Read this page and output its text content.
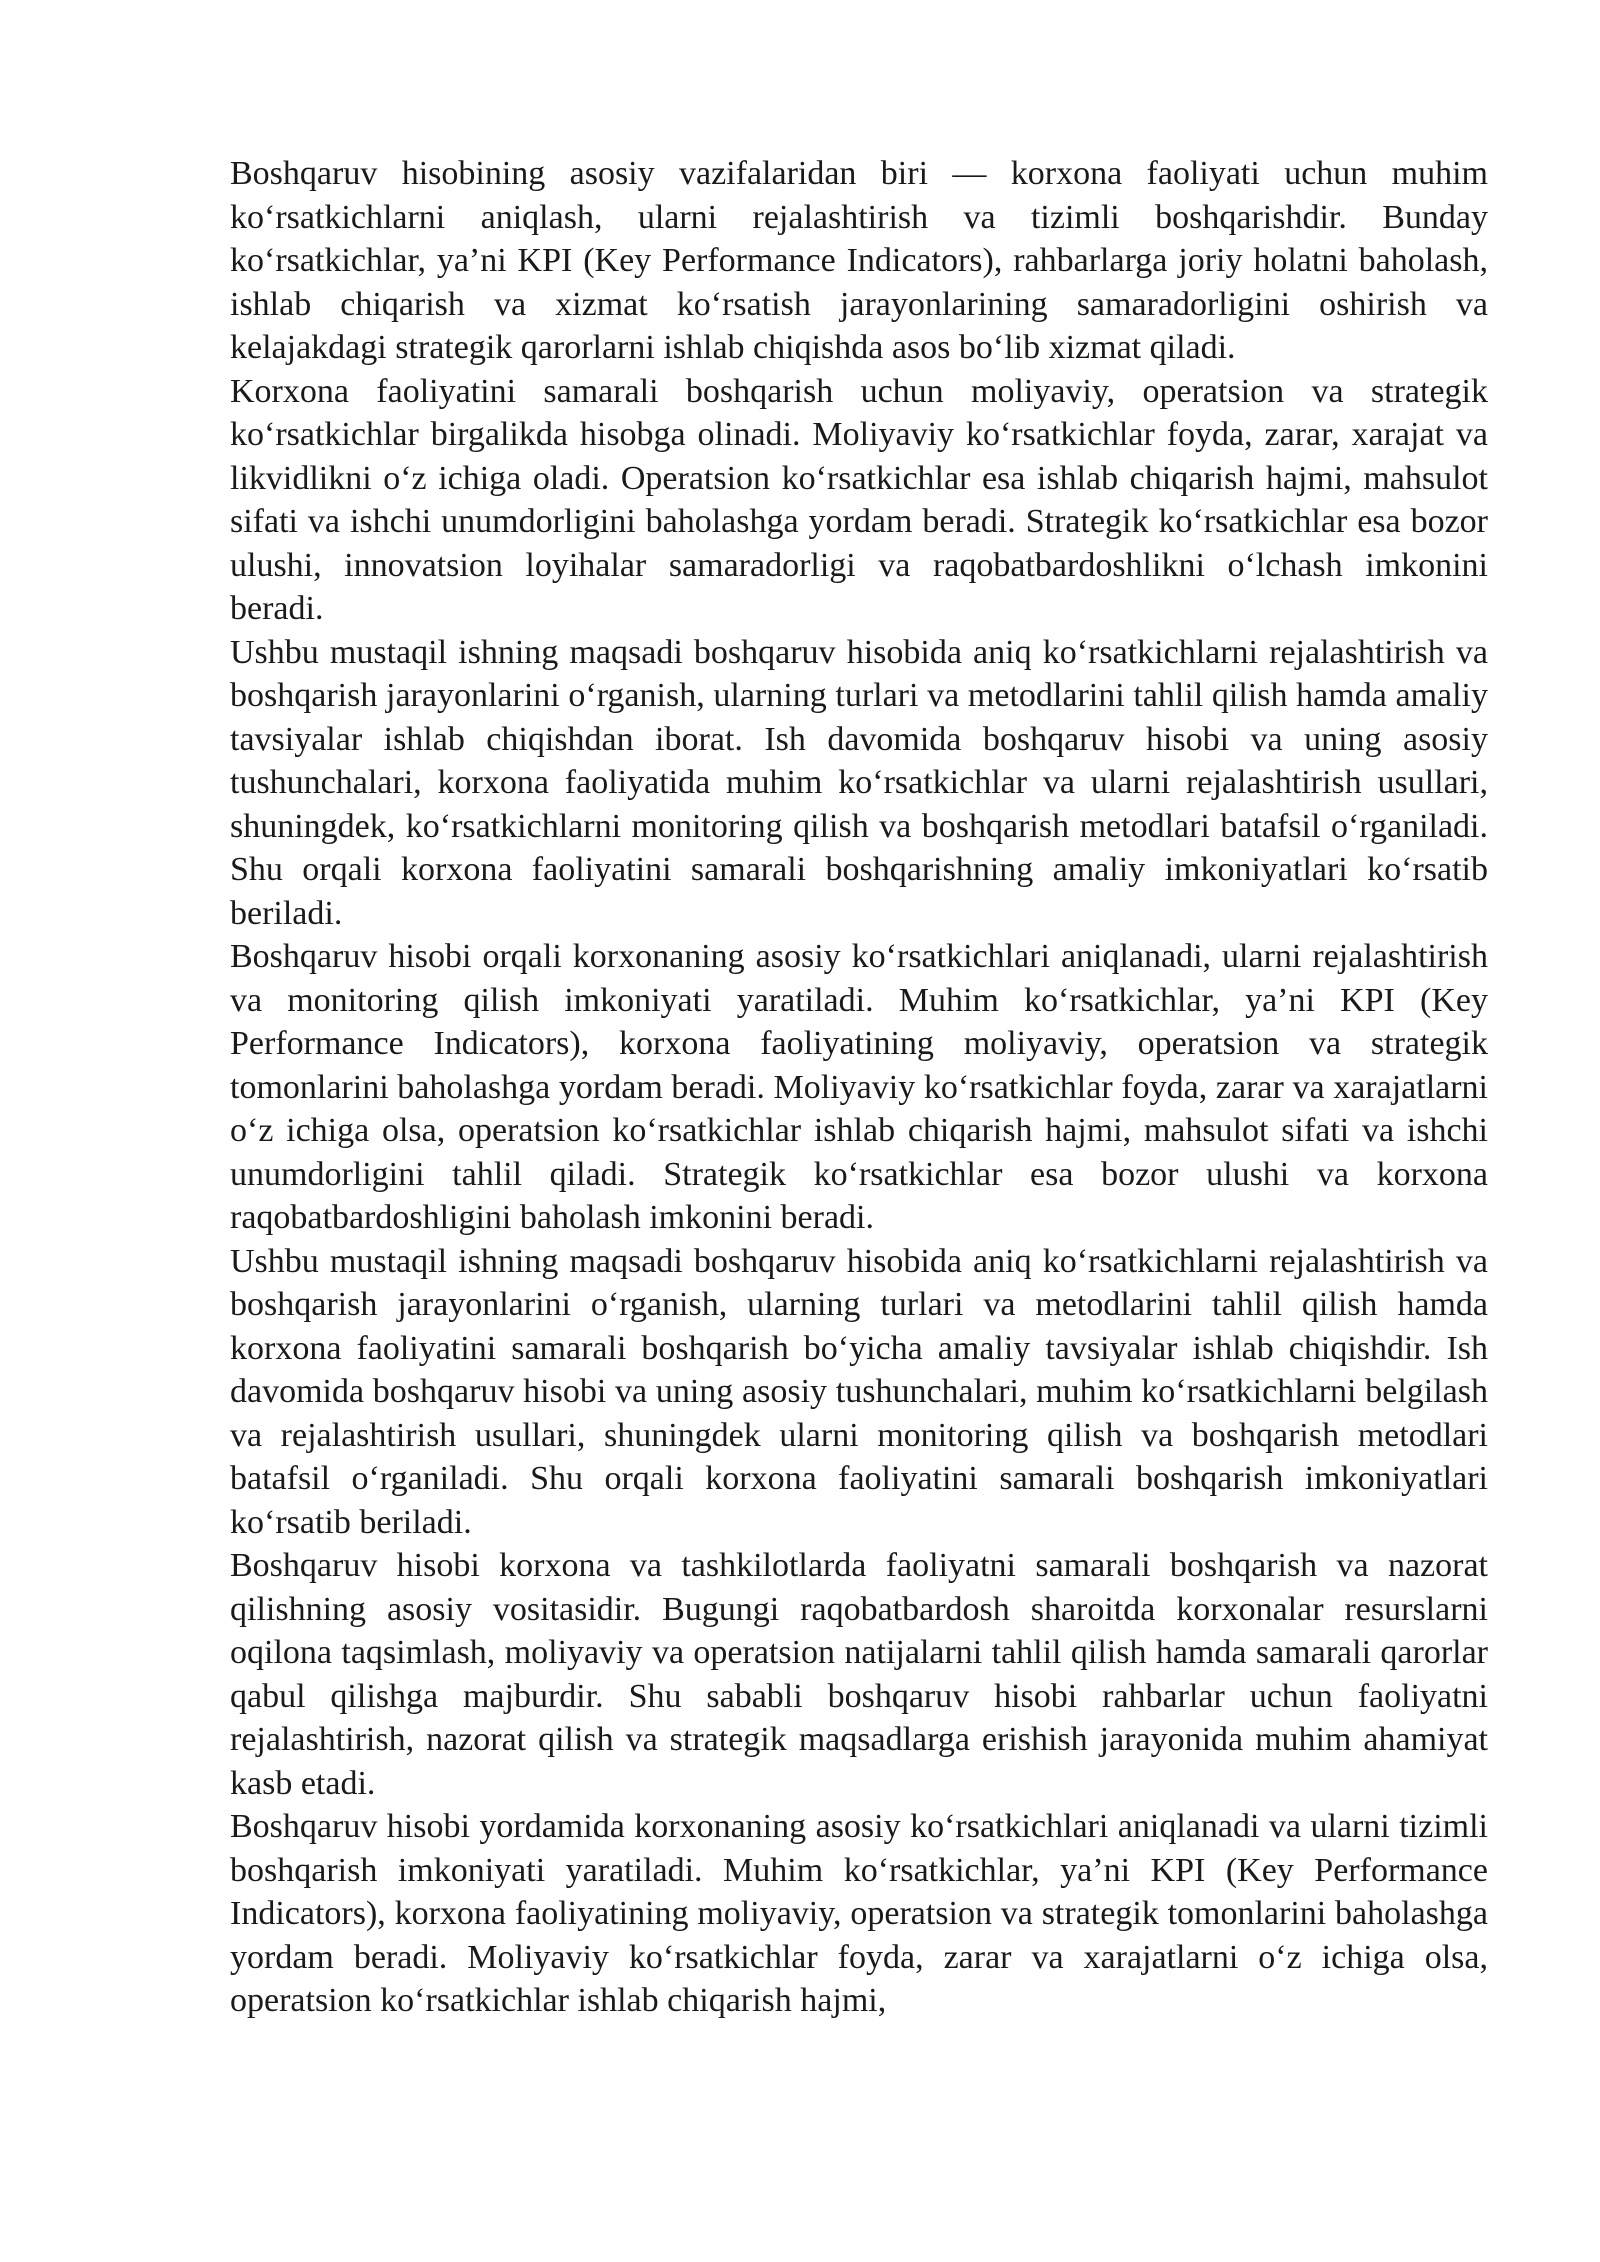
Boshqaruv hisobining asosiy vazifalaridan biri — korxona faoliyati uchun muhim koʻrsatkichlarni aniqlash, ularni rejalashtirish va tizimli boshqarishdir. Bunday koʻrsatkichlar, ya’ni KPI (Key Performance Indicators), rahbarlarga joriy holatni baholash, ishlab chiqarish va xizmat koʻrsatish jarayonlarining samaradorligini oshirish va kelajakdagi strategik qarorlarni ishlab chiqishda asos boʻlib xizmat qiladi.

Korxona faoliyatini samarali boshqarish uchun moliyaviy, operatsion va strategik koʻrsatkichlar birgalikda hisobga olinadi. Moliyaviy koʻrsatkichlar foyda, zarar, xarajat va likvidlikni oʻz ichiga oladi. Operatsion koʻrsatkichlar esa ishlab chiqarish hajmi, mahsulot sifati va ishchi unumdorligini baholashga yordam beradi. Strategik koʻrsatkichlar esa bozor ulushi, innovatsion loyihalar samaradorligi va raqobatbardoshlikni oʻlchash imkonini beradi.

Ushbu mustaqil ishning maqsadi boshqaruv hisobida aniq koʻrsatkichlarni rejalashtirish va boshqarish jarayonlarini oʻrganish, ularning turlari va metodlarini tahlil qilish hamda amaliy tavsiyalar ishlab chiqishdan iborat. Ish davomida boshqaruv hisobi va uning asosiy tushunchalari, korxona faoliyatida muhim koʻrsatkichlar va ularni rejalashtirish usullari, shuningdek, koʻrsatkichlarni monitoring qilish va boshqarish metodlari batafsil oʻrganiladi. Shu orqali korxona faoliyatini samarali boshqarishning amaliy imkoniyatlari koʻrsatib beriladi.

Boshqaruv hisobi orqali korxonaning asosiy koʻrsatkichlari aniqlanadi, ularni rejalashtirish va monitoring qilish imkoniyati yaratiladi. Muhim koʻrsatkichlar, ya’ni KPI (Key Performance Indicators), korxona faoliyatining moliyaviy, operatsion va strategik tomonlarini baholashga yordam beradi. Moliyaviy koʻrsatkichlar foyda, zarar va xarajatlarni oʻz ichiga olsa, operatsion koʻrsatkichlar ishlab chiqarish hajmi, mahsulot sifati va ishchi unumdorligini tahlil qiladi. Strategik koʻrsatkichlar esa bozor ulushi va korxona raqobatbardoshligini baholash imkonini beradi.

Ushbu mustaqil ishning maqsadi boshqaruv hisobida aniq koʻrsatkichlarni rejalashtirish va boshqarish jarayonlarini oʻrganish, ularning turlari va metodlarini tahlil qilish hamda korxona faoliyatini samarali boshqarish boʻyicha amaliy tavsiyalar ishlab chiqishdir. Ish davomida boshqaruv hisobi va uning asosiy tushunchalari, muhim koʻrsatkichlarni belgilash va rejalashtirish usullari, shuningdek ularni monitoring qilish va boshqarish metodlari batafsil oʻrganiladi. Shu orqali korxona faoliyatini samarali boshqarish imkoniyatlari koʻrsatib beriladi.

Boshqaruv hisobi korxona va tashkilotlarda faoliyatni samarali boshqarish va nazorat qilishning asosiy vositasidir. Bugungi raqobatbardosh sharoitda korxonalar resurslarni oqilona taqsimlash, moliyaviy va operatsion natijalarni tahlil qilish hamda samarali qarorlar qabul qilishga majburdir. Shu sababli boshqaruv hisobi rahbarlar uchun faoliyatni rejalashtirish, nazorat qilish va strategik maqsadlarga erishish jarayonida muhim ahamiyat kasb etadi.

Boshqaruv hisobi yordamida korxonaning asosiy koʻrsatkichlari aniqlanadi va ularni tizimli boshqarish imkoniyati yaratiladi. Muhim koʻrsatkichlar, ya’ni KPI (Key Performance Indicators), korxona faoliyatining moliyaviy, operatsion va strategik tomonlarini baholashga yordam beradi. Moliyaviy koʻrsatkichlar foyda, zarar va xarajatlarni oʻz ichiga olsa, operatsion koʻrsatkichlar ishlab chiqarish hajmi,
